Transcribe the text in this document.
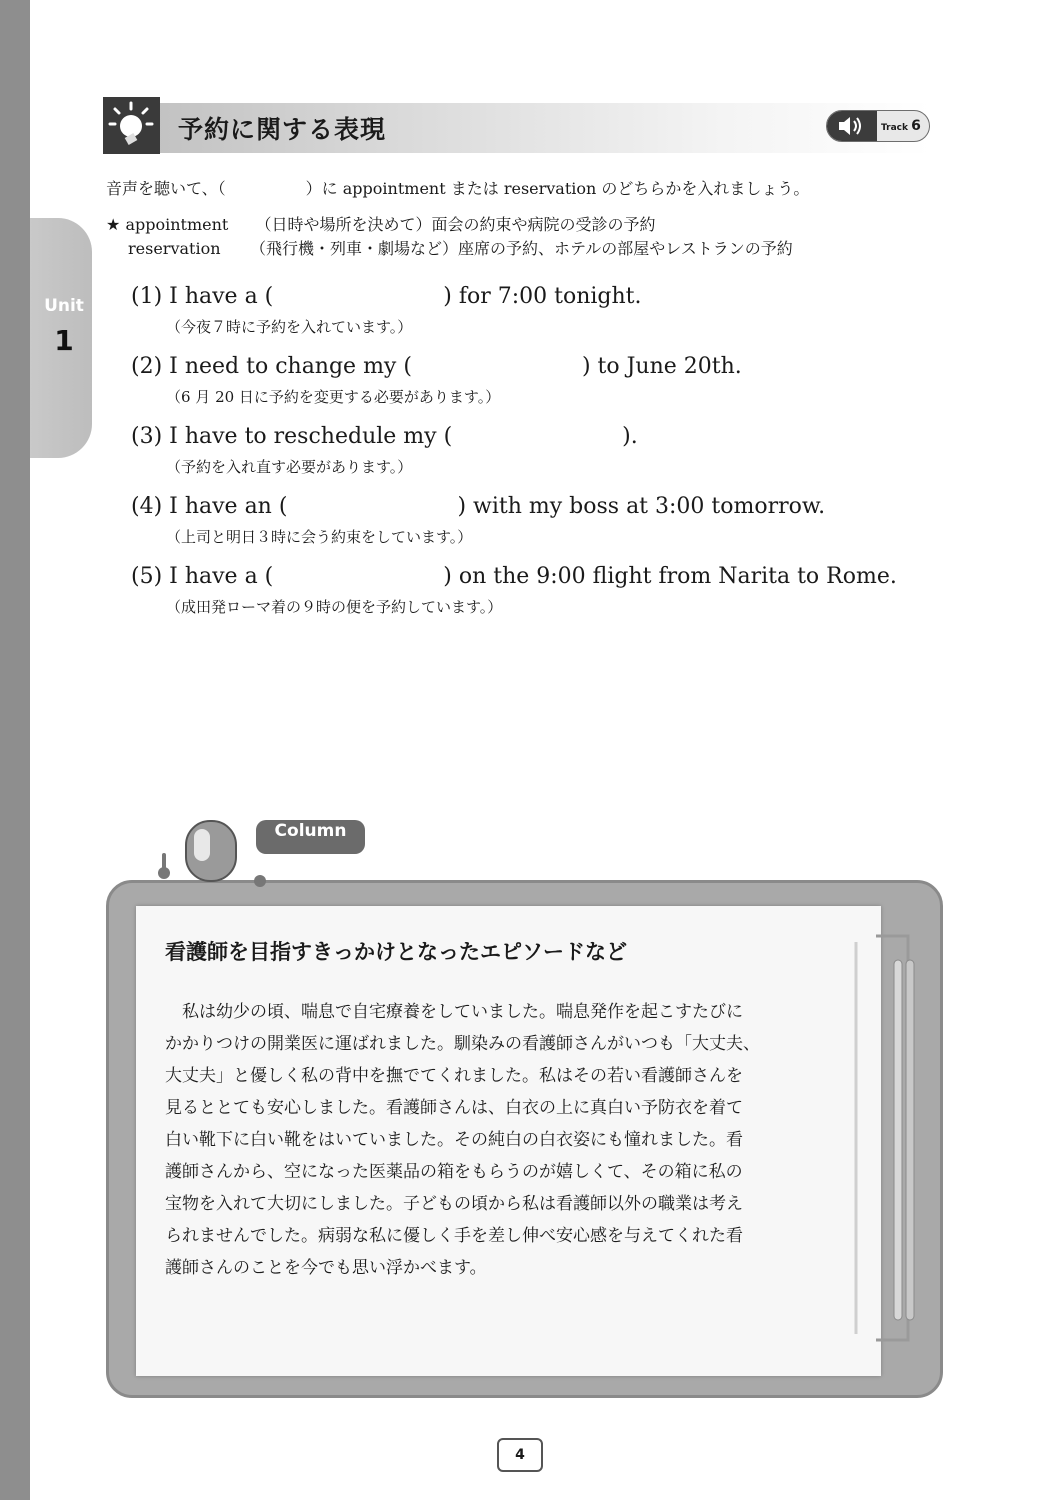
Unit
1
予約に関する表現	Track 6
音声を聴いて、（　　　　　）に appointment または reservation のどちらかを入れましょう。
★ appointment （日時や場所を決めて）面会の約束や病院の受診の予約
reservation （飛行機・列車・劇場など）座席の予約、ホテルの部屋やレストランの予約
(1) I have a (	) for 7:00 tonight.
（今夜７時に予約を入れています。）
(2) I need to change my (	) to June 20th.
（6 月 20 日に予約を変更する必要があります。）
(3) I have to reschedule my (	).
（予約を入れ直す必要があります。）
(4) I have an (	) with my boss at 3:00 tomorrow.
（上司と明日３時に会う約束をしています。）
(5) I have a (	) on the 9:00 flight from Narita to Rome.
（成田発ローマ着の９時の便を予約しています。）
Column
看護師を目指すきっかけとなったエピソードなど
　私は幼少の頃、喘息で自宅療養をしていました。喘息発作を起こすたびに
かかりつけの開業医に運ばれました。馴染みの看護師さんがいつも「大丈夫、
大丈夫」と優しく私の背中を撫でてくれました。私はその若い看護師さんを
見るととても安心しました。看護師さんは、白衣の上に真白い予防衣を着て
白い靴下に白い靴をはいていました。その純白の白衣姿にも憧れました。看
護師さんから、空になった医薬品の箱をもらうのが嬉しくて、その箱に私の
宝物を入れて大切にしました。子どもの頃から私は看護師以外の職業は考え
られませんでした。病弱な私に優しく手を差し伸べ安心感を与えてくれた看
護師さんのことを今でも思い浮かべます。
4
